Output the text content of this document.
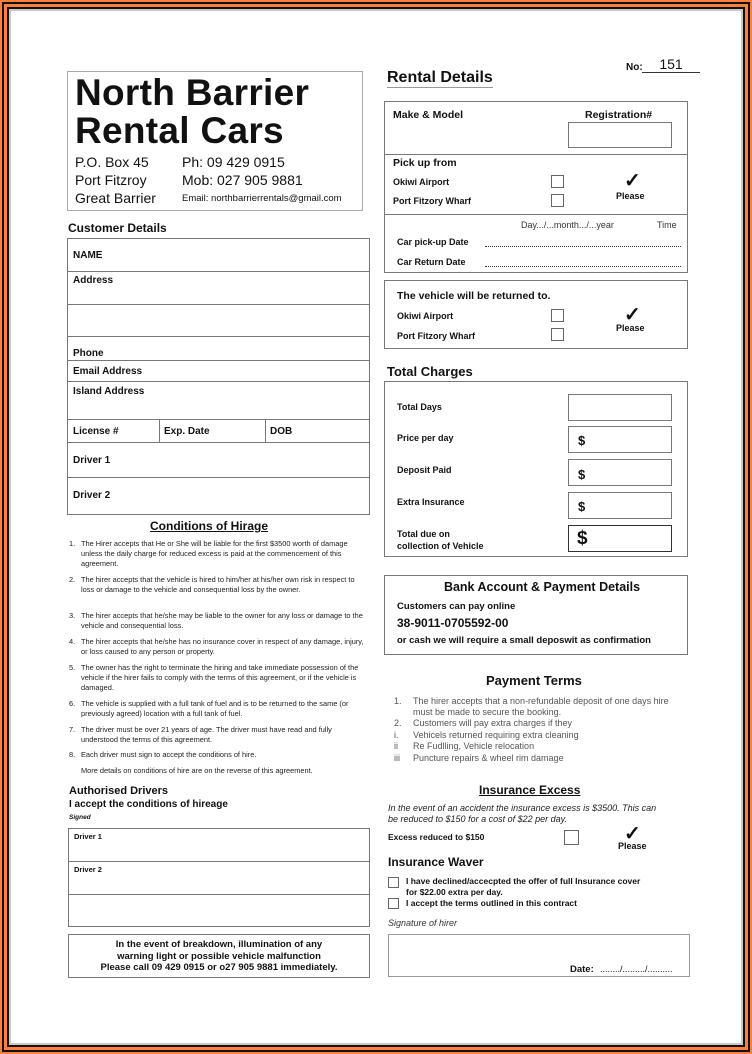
North Barrier
Rental Cars
P.O. Box 45
Port Fitzroy
Great Barrier
Ph: 09 429 0915
Mob: 027 905 9881
Email: northbarrierrentals@gmail.com
No:	151
Customer Details
NAME
Address
Phone
Email Address
Island Address
License #	Exp. Date	DOB
Driver 1
Driver 2
Conditions of Hirage
1. The Hirer accepts that He or She will be liable for the first $3500 worth of damage unless the daily charge for reduced excess is paid at the commencement of this agreement.
2. The hirer accepts that the vehicle is hired to him/her at his/her own risk in respect to loss or damage to the vehicle and consequential loss by the owner.
3. The hirer accepts that he/she may be liable to the owner for any loss or damage to the vehicle and consequential loss.
4. The hirer accepts that he/she has no insurance cover in respect of any damage, injury, or loss caused to any person or property.
5. The owner has the right to terminate the hiring and take immediate possession of the vehicle if the hirer fails to comply with the terms of this agreement, or if the vehicle is damaged.
6. The vehicle is supplied with a full tank of fuel and is to be returned to the same (or previously agreed) location with a full tank of fuel.
7. The driver must be over 21 years of age. The driver must have read and fully understood the terms of this agreement.
8. Each driver must sign to accept the conditions of hire.
More details on conditions of hire are on the reverse of this agreement.
Authorised Drivers
I accept the conditions of hireage
Signed
Driver 1
Driver 2
In the event of breakdown, illumination of any
warning light or possible vehicle malfunction
Please call 09 429 0915 or o27 905 9881 immediately.
Rental Details
Make & Model	Registration#
Pick up from
Okiwi Airport
Port Fitzory Wharf
✓
Please
Day.../...month.../...year	Time
Car pick-up Date
Car Return Date
The vehicle will be returned to.
Okiwi Airport
Port Fitzory Wharf
✓
Please
Total Charges
Total Days
Price per day	$
Deposit Paid	$
Extra Insurance	$
Total due on
collection of Vehicle	$
Bank Account & Payment Details
Customers can pay online
38-9011-0705592-00
or cash we will require a small deposwit as confirmation
Payment Terms
1. The hirer accepts that a non-refundable deposit of one days hire
must be made to secure the booking.
2. Customers will pay extra charges if they
i. Vehicels returned requiring extra cleaning
ii Re Fudlling, Vehicle relocation
iii Puncture repairs & wheel rim damage
Insurance Excess
In the event of an accident the insurance excess is $3500. This can
be reduced to $150 for a cost of $22 per day.
Excess reduced to $150	✓
Please
Insurance Waver
I have declined/accecpted the offer of full Insurance cover
for $22.00 extra per day.
I accept the terms outlined in this contract
Signature of hirer
Date: ......../........./..........
